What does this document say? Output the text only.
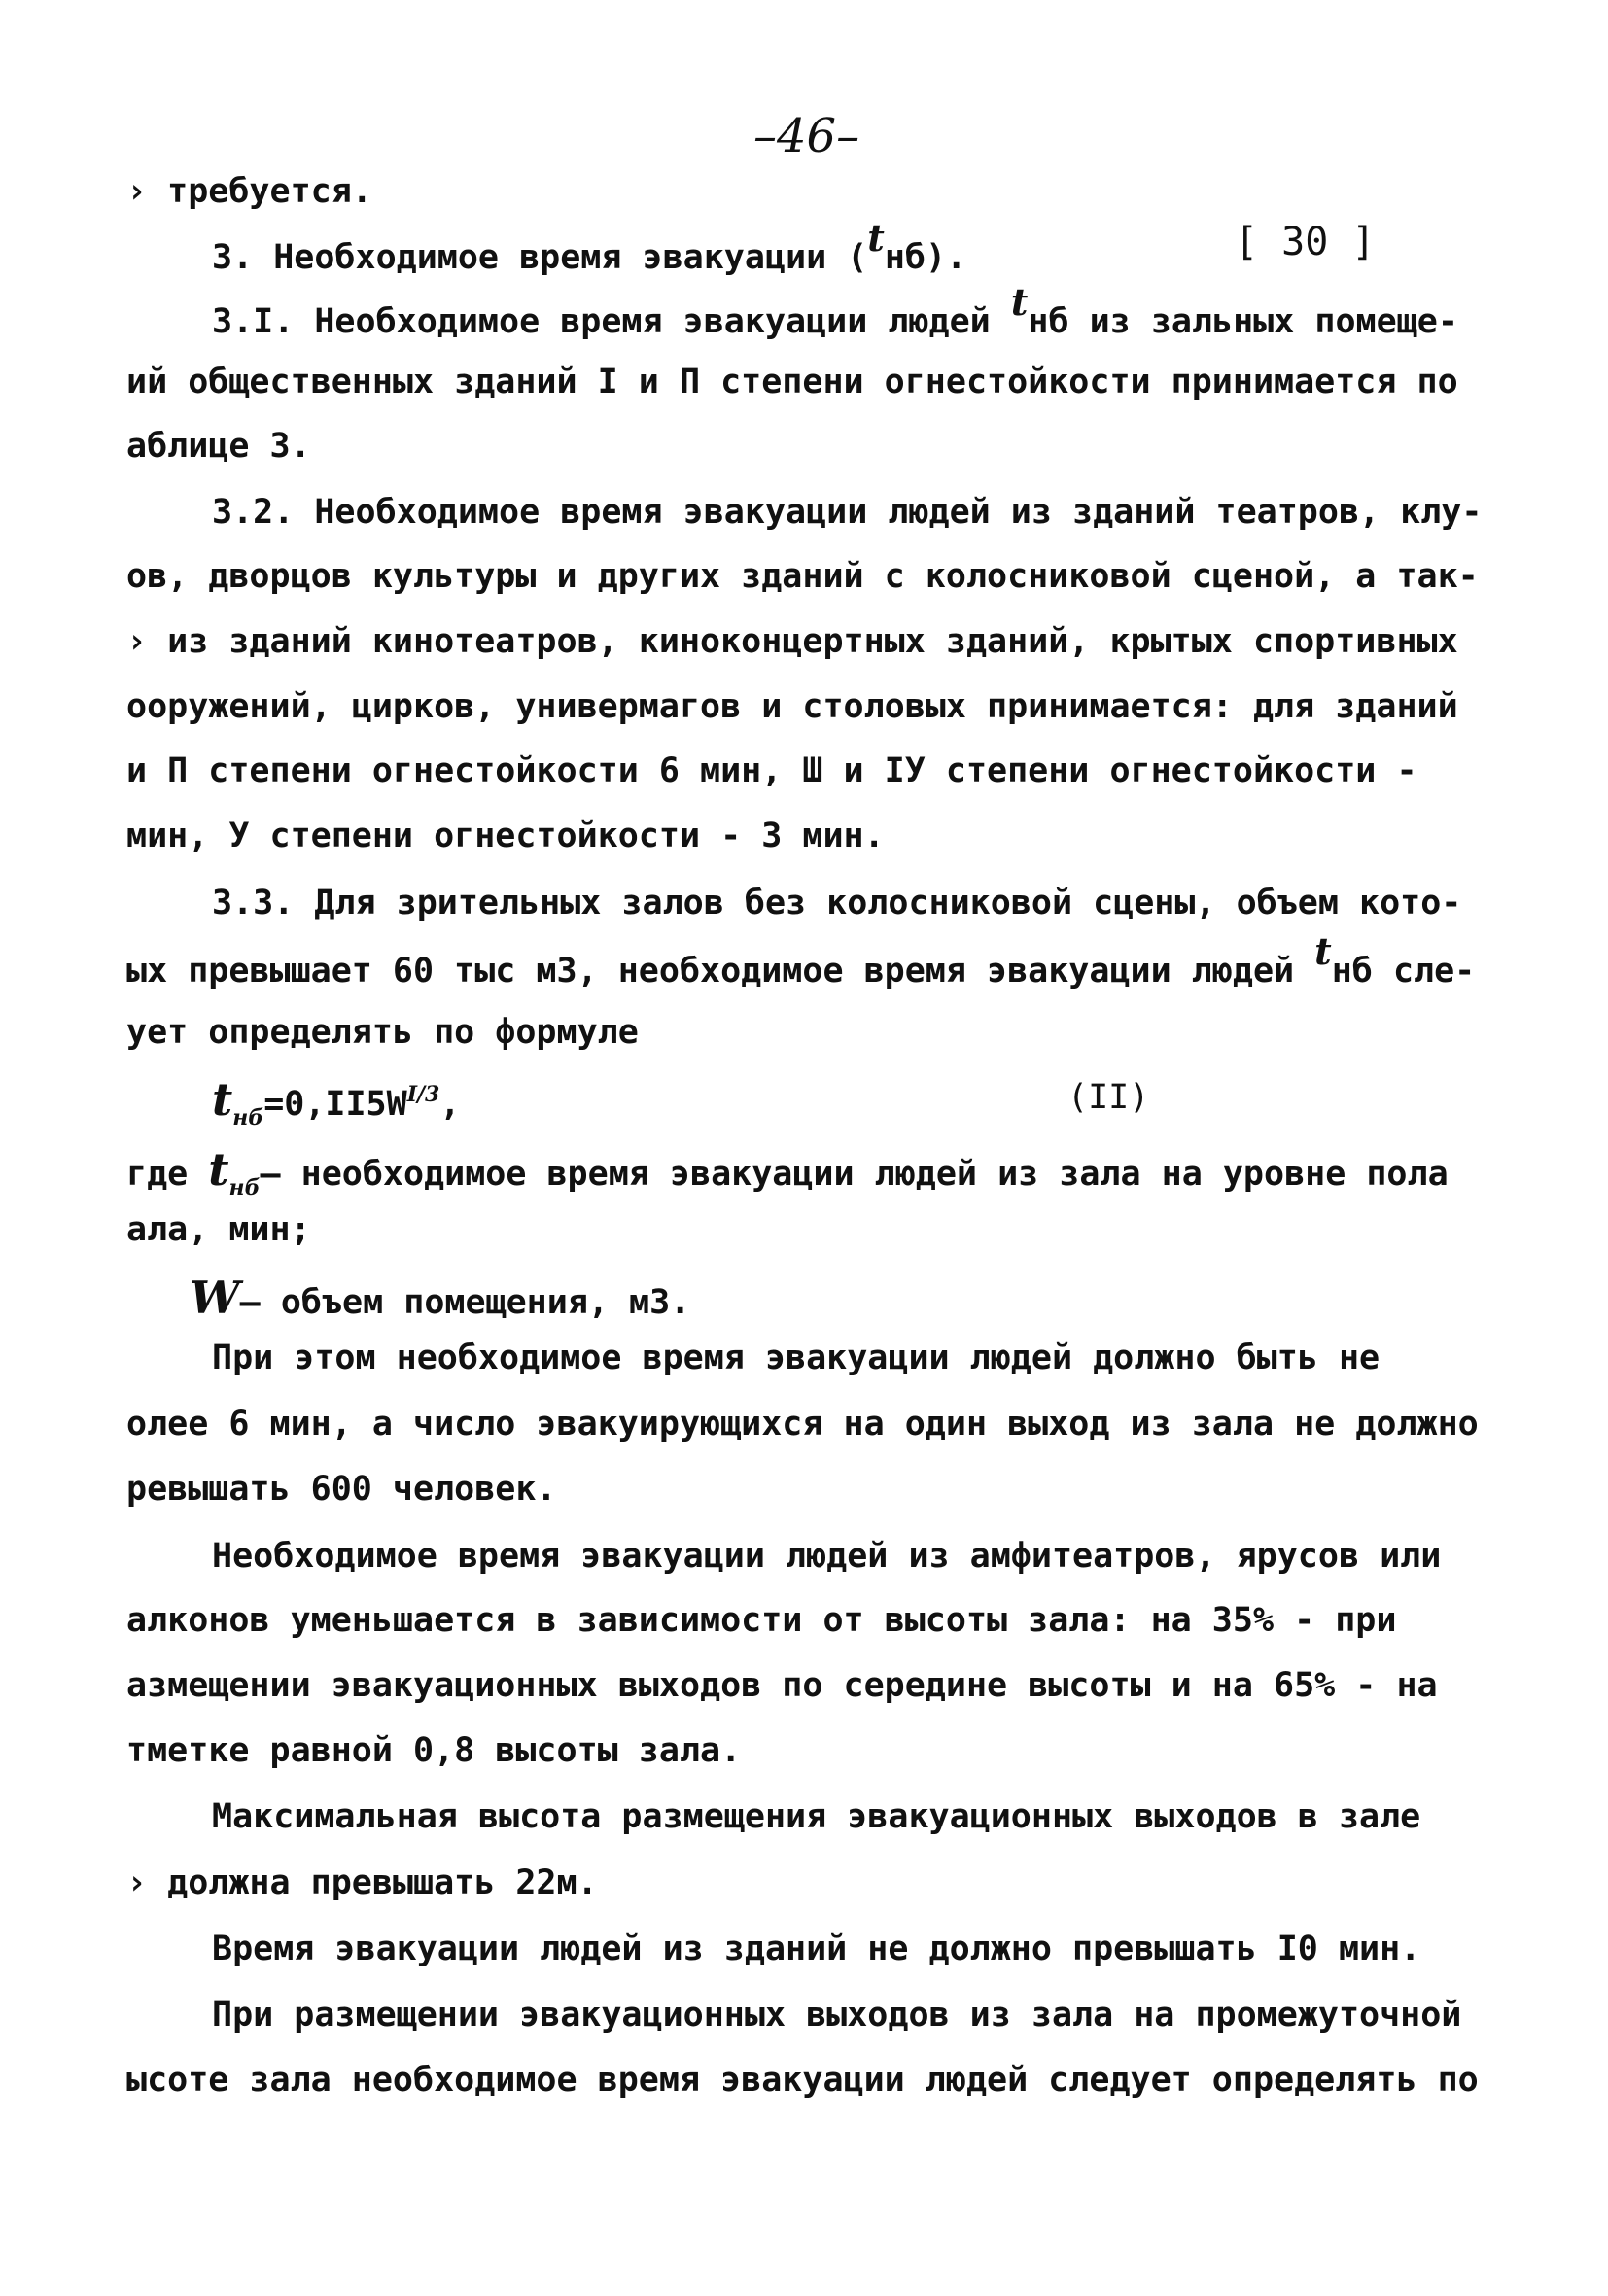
–46–
› требуется.
3. Необходимое время эвакуации (tнб).	[ 30 ]
3.I. Необходимое время эвакуации людей tнб из зальных помеще-
ий общественных зданий I и П степени огнестойкости принимается по
аблице 3.
3.2. Необходимое время эвакуации людей из зданий театров, клу-
ов, дворцов культуры и других зданий с колосниковой сценой, а так-
› из зданий кинотеатров, киноконцертных зданий, крытых спортивных
ооружений, цирков, универмагов и столовых принимается: для зданий
и П степени огнестойкости 6 мин, Ш и IУ степени огнестойкости -
мин, У степени огнестойкости - 3 мин.
3.3. Для зрительных залов без колосниковой сцены, объем кото-
ых превышает 60 тыс м3, необходимое время эвакуации людей tнб сле-
ует определять по формуле
$t_{нб}=0,II5W^{I/3}$,	(II)
где $t_{нб}-$ необходимое время эвакуации людей из зала на уровне пола
ала, мин;
W– объем помещения, м3.
При этом необходимое время эвакуации людей должно быть не
олее 6 мин, а число эвакуирующихся на один выход из зала не должно
ревышать 600 человек.
Необходимое время эвакуации людей из амфитеатров, ярусов или
алконов уменьшается в зависимости от высоты зала: на 35% - при
азмещении эвакуационных выходов по середине высоты и на 65% - на
тметке равной 0,8 высоты зала.
Максимальная высота размещения эвакуационных выходов в зале
› должна превышать 22м.
Время эвакуации людей из зданий не должно превышать I0 мин.
При размещении эвакуационных выходов из зала на промежуточной
ысоте зала необходимое время эвакуации людей следует определять по
